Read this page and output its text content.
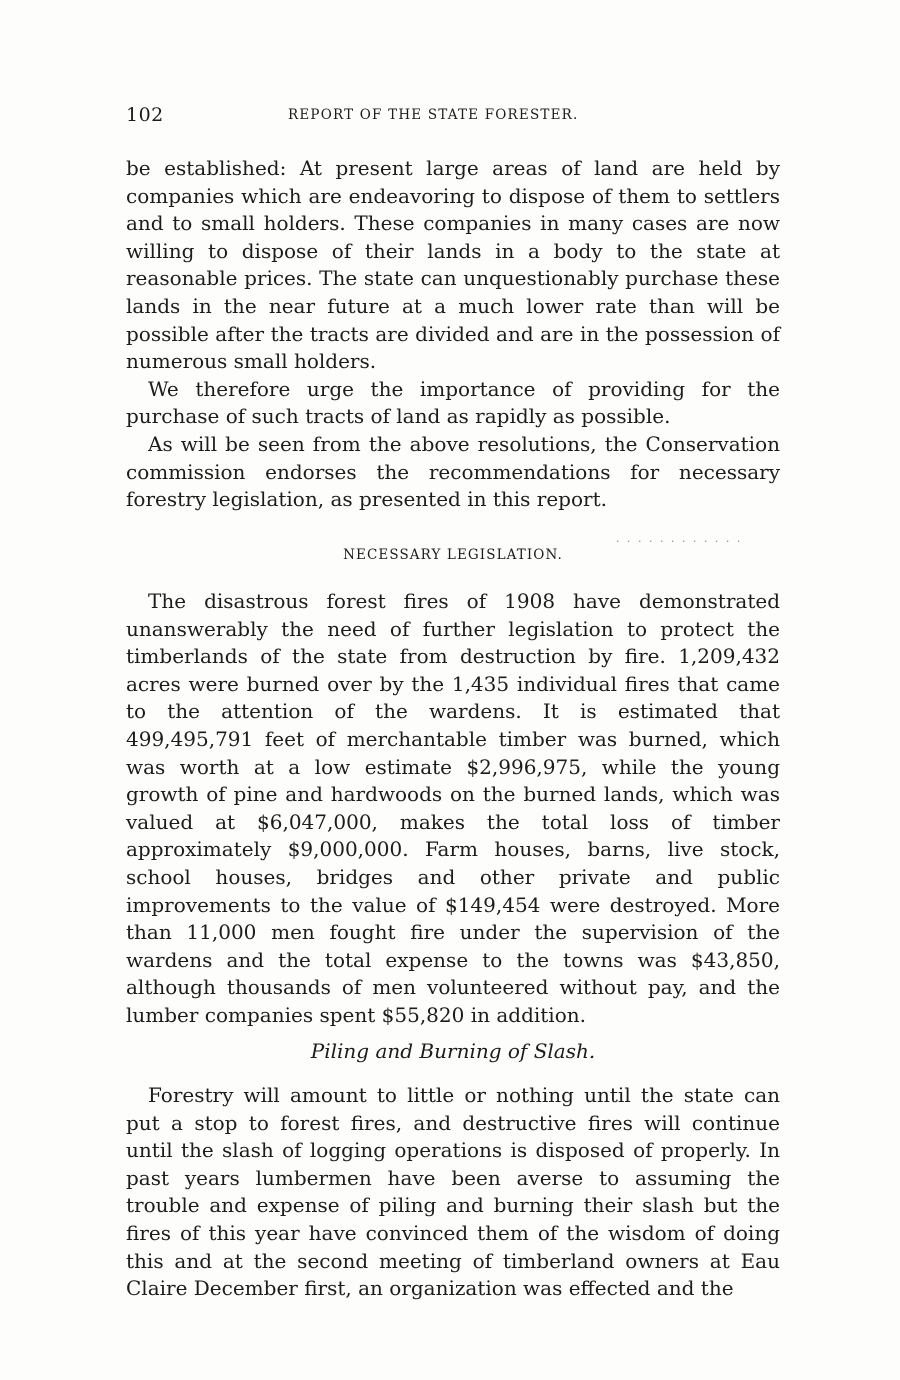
102	REPORT OF THE STATE FORESTER.

be established: At present large areas of land are held by companies which are endeavoring to dispose of them to settlers and to small holders. These companies in many cases are now willing to dispose of their lands in a body to the state at reasonable prices. The state can unquestionably purchase these lands in the near future at a much lower rate than will be possible after the tracts are divided and are in the possession of numerous small holders.

We therefore urge the importance of providing for the purchase of such tracts of land as rapidly as possible.

As will be seen from the above resolutions, the Conservation commission endorses the recommendations for necessary forestry legislation, as presented in this report.

. . . . . . . . . . . .
NECESSARY LEGISLATION.

The disastrous forest fires of 1908 have demonstrated unanswerably the need of further legislation to protect the timberlands of the state from destruction by fire. 1,209,432 acres were burned over by the 1,435 individual fires that came to the attention of the wardens. It is estimated that 499,495,791 feet of merchantable timber was burned, which was worth at a low estimate $2,996,975, while the young growth of pine and hardwoods on the burned lands, which was valued at $6,047,000, makes the total loss of timber approximately $9,000,000. Farm houses, barns, live stock, school houses, bridges and other private and public improvements to the value of $149,454 were destroyed. More than 11,000 men fought fire under the supervision of the wardens and the total expense to the towns was $43,850, although thousands of men volunteered without pay, and the lumber companies spent $55,820 in addition.

Piling and Burning of Slash.

Forestry will amount to little or nothing until the state can put a stop to forest fires, and destructive fires will continue until the slash of logging operations is disposed of properly. In past years lumbermen have been averse to assuming the trouble and expense of piling and burning their slash but the fires of this year have convinced them of the wisdom of doing this and at the second meeting of timberland owners at Eau Claire December first, an organization was effected and the
